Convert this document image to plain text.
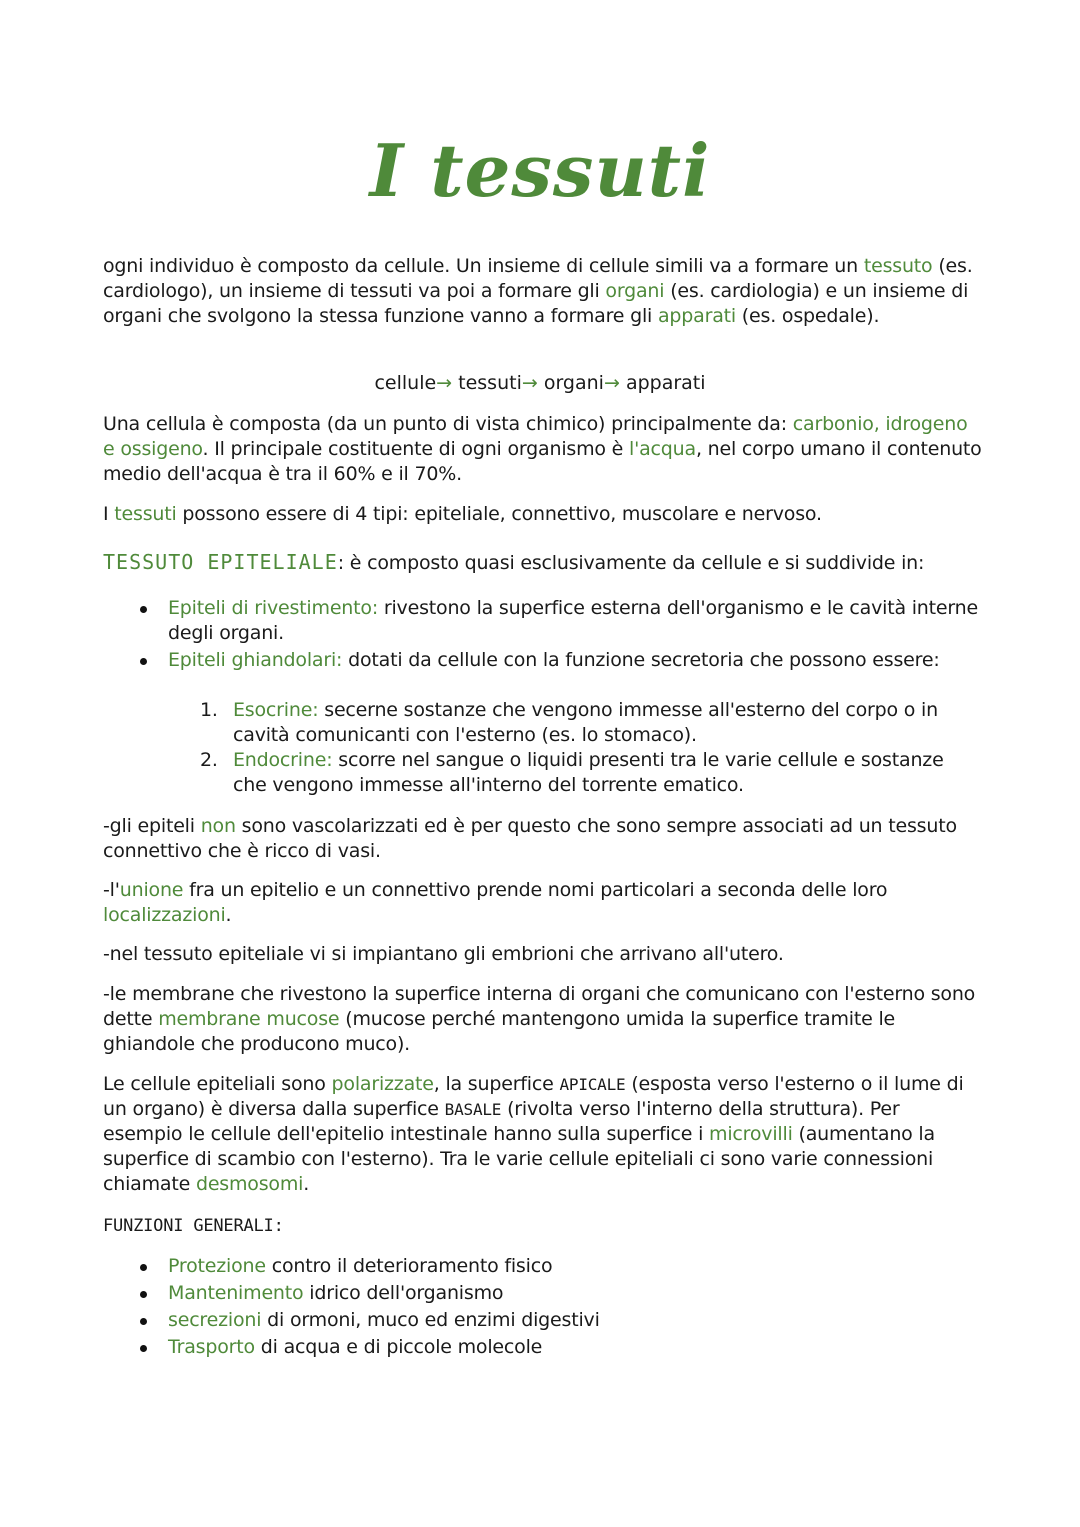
I tessuti
ogni individuo è composto da cellule. Un insieme di cellule simili va a formare un tessuto (es. cardiologo), un insieme di tessuti va poi a formare gli organi (es. cardiologia) e un insieme di organi che svolgono la stessa funzione vanno a formare gli apparati (es. ospedale).
cellule→ tessuti→ organi→ apparati
Una cellula è composta (da un punto di vista chimico) principalmente da: carbonio, idrogeno e ossigeno. Il principale costituente di ogni organismo è l'acqua, nel corpo umano il contenuto medio dell'acqua è tra il 60% e il 70%.
I tessuti possono essere di 4 tipi: epiteliale, connettivo, muscolare e nervoso.
TESSUTO EPITELIALE: è composto quasi esclusivamente da cellule e si suddivide in:
Epiteli di rivestimento: rivestono la superfice esterna dell'organismo e le cavità interne degli organi.
Epiteli ghiandolari: dotati da cellule con la funzione secretoria che possono essere:
1. Esocrine: secerne sostanze che vengono immesse all'esterno del corpo o in cavità comunicanti con l'esterno (es. lo stomaco).
2. Endocrine: scorre nel sangue o liquidi presenti tra le varie cellule e sostanze che vengono immesse all'interno del torrente ematico.
-gli epiteli non sono vascolarizzati ed è per questo che sono sempre associati ad un tessuto connettivo che è ricco di vasi.
-l'unione fra un epitelio e un connettivo prende nomi particolari a seconda delle loro localizzazioni.
-nel tessuto epiteliale vi si impiantano gli embrioni che arrivano all'utero.
-le membrane che rivestono la superfice interna di organi che comunicano con l'esterno sono dette membrane mucose (mucose perché mantengono umida la superfice tramite le ghiandole che producono muco).
Le cellule epiteliali sono polarizzate, la superfice APICALE (esposta verso l'esterno o il lume di un organo) è diversa dalla superfice BASALE (rivolta verso l'interno della struttura). Per esempio le cellule dell'epitelio intestinale hanno sulla superfice i microvilli (aumentano la superfice di scambio con l'esterno). Tra le varie cellule epiteliali ci sono varie connessioni chiamate desmosomi.
FUNZIONI GENERALI:
Protezione contro il deterioramento fisico
Mantenimento idrico dell'organismo
secrezioni di ormoni, muco ed enzimi digestivi
Trasporto di acqua e di piccole molecole
